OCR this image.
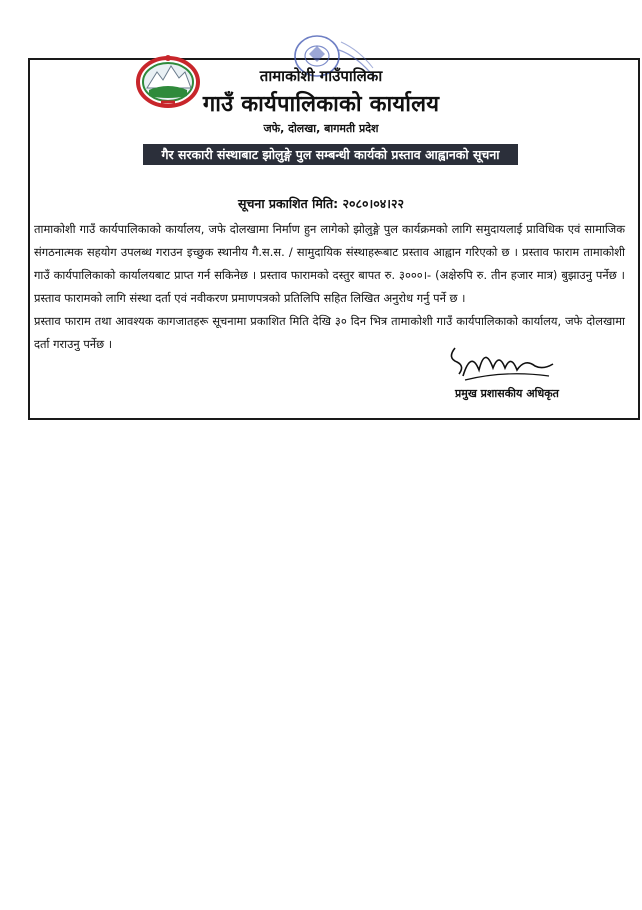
तामाकोशी गाउँपालिका
गाउँ कार्यपालिकाको कार्यालय
जफे, दोलखा, बागमती प्रदेश
गैर सरकारी संस्थाबाट झोलुङ्गे पुल सम्बन्धी कार्यको प्रस्ताव आह्वानको सूचना
सूचना प्रकाशित मिति: २०८०।०४।२२

तामाकोशी गाउँ कार्यपालिकाको कार्यालय, जफे दोलखामा निर्माण हुन लागेको झोलुङ्गे पुल कार्यक्रमको लागि समुदायलाई प्राविधिक एवं सामाजिक संगठनात्मक सहयोग उपलब्ध गराउन इच्छुक स्थानीय गै.स.स. / सामुदायिक संस्थाहरूबाट प्रस्ताव आह्वान गरिएको छ । प्रस्ताव फाराम तामाकोशी गाउँ कार्यपालिकाको कार्यालयबाट प्राप्त गर्न सकिनेछ । प्रस्ताव फारामको दस्तुर बापत रु. ३०००।- (अक्षेरुपि रु. तीन हजार मात्र) बुझाउनु पर्नेछ । प्रस्ताव फारामको लागि संस्था दर्ता एवं नवीकरण प्रमाणपत्रको प्रतिलिपि सहित लिखित अनुरोध गर्नु पर्ने छ ।

प्रस्ताव फाराम तथा आवश्यक कागजातहरू सूचनामा प्रकाशित मिति देखि ३० दिन भित्र तामाकोशी गाउँ कार्यपालिकाको कार्यालय, जफे दोलखामा दर्ता गराउनु पर्नेछ ।

प्रमुख प्रशासकीय अधिकृत
